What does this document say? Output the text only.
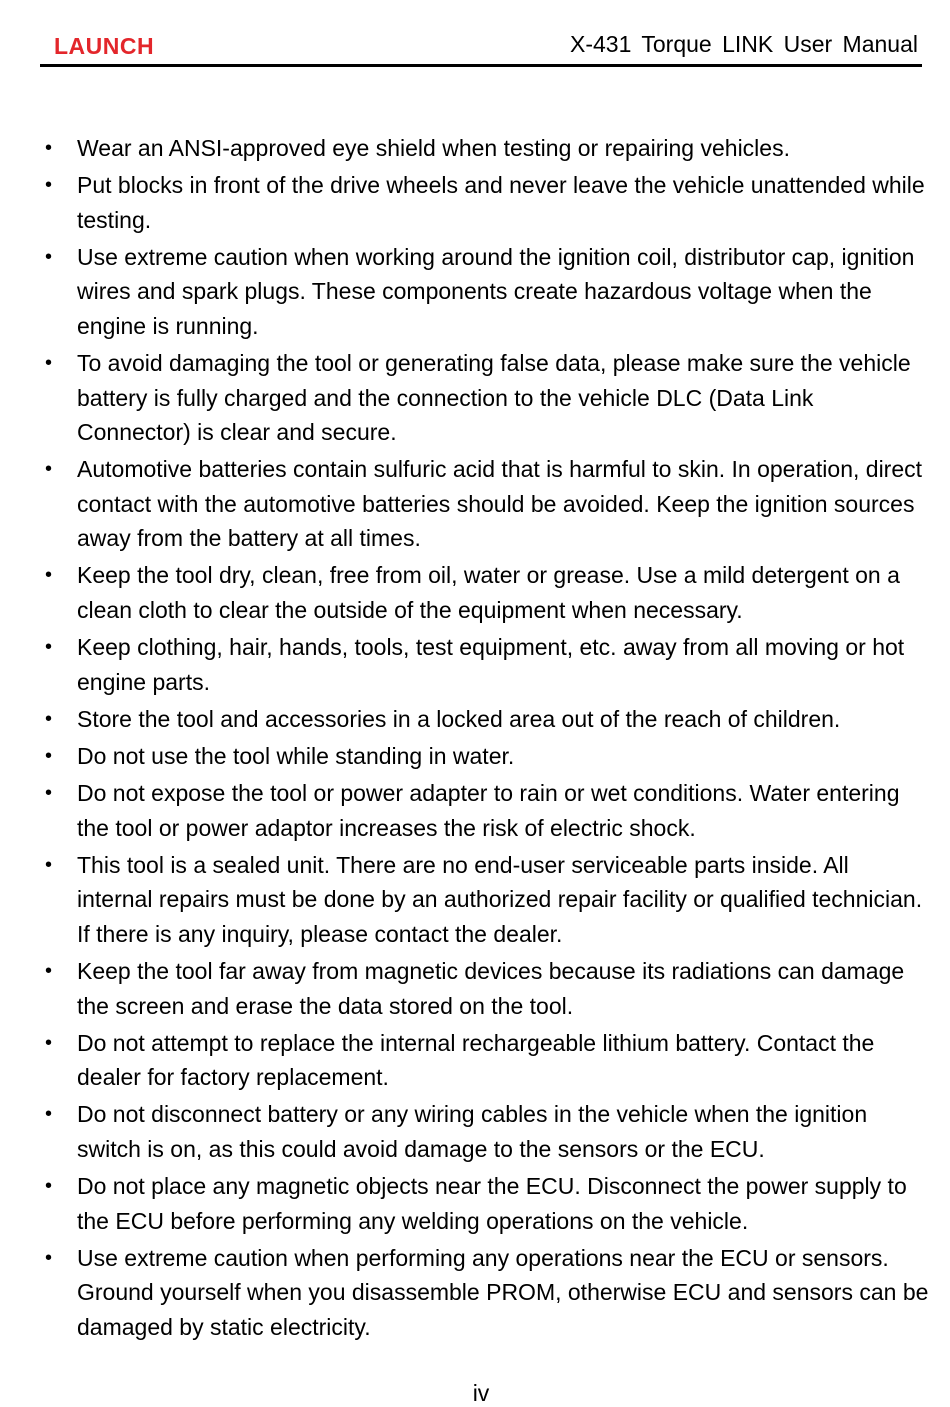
LAUNCH	X-431 Torque LINK User Manual
• Wear an ANSI-approved eye shield when testing or repairing vehicles.
• Put blocks in front of the drive wheels and never leave the vehicle unattended while testing.
• Use extreme caution when working around the ignition coil, distributor cap, ignition wires and spark plugs. These components create hazardous voltage when the engine is running.
• To avoid damaging the tool or generating false data, please make sure the vehicle battery is fully charged and the connection to the vehicle DLC (Data Link Connector) is clear and secure.
• Automotive batteries contain sulfuric acid that is harmful to skin. In operation, direct contact with the automotive batteries should be avoided. Keep the ignition sources away from the battery at all times.
• Keep the tool dry, clean, free from oil, water or grease. Use a mild detergent on a clean cloth to clear the outside of the equipment when necessary.
• Keep clothing, hair, hands, tools, test equipment, etc. away from all moving or hot engine parts.
• Store the tool and accessories in a locked area out of the reach of children.
• Do not use the tool while standing in water.
• Do not expose the tool or power adapter to rain or wet conditions. Water entering the tool or power adaptor increases the risk of electric shock.
• This tool is a sealed unit. There are no end-user serviceable parts inside. All internal repairs must be done by an authorized repair facility or qualified technician. If there is any inquiry, please contact the dealer.
• Keep the tool far away from magnetic devices because its radiations can damage the screen and erase the data stored on the tool.
• Do not attempt to replace the internal rechargeable lithium battery. Contact the dealer for factory replacement.
• Do not disconnect battery or any wiring cables in the vehicle when the ignition switch is on, as this could avoid damage to the sensors or the ECU.
• Do not place any magnetic objects near the ECU. Disconnect the power supply to the ECU before performing any welding operations on the vehicle.
• Use extreme caution when performing any operations near the ECU or sensors. Ground yourself when you disassemble PROM, otherwise ECU and sensors can be damaged by static electricity.
iv
